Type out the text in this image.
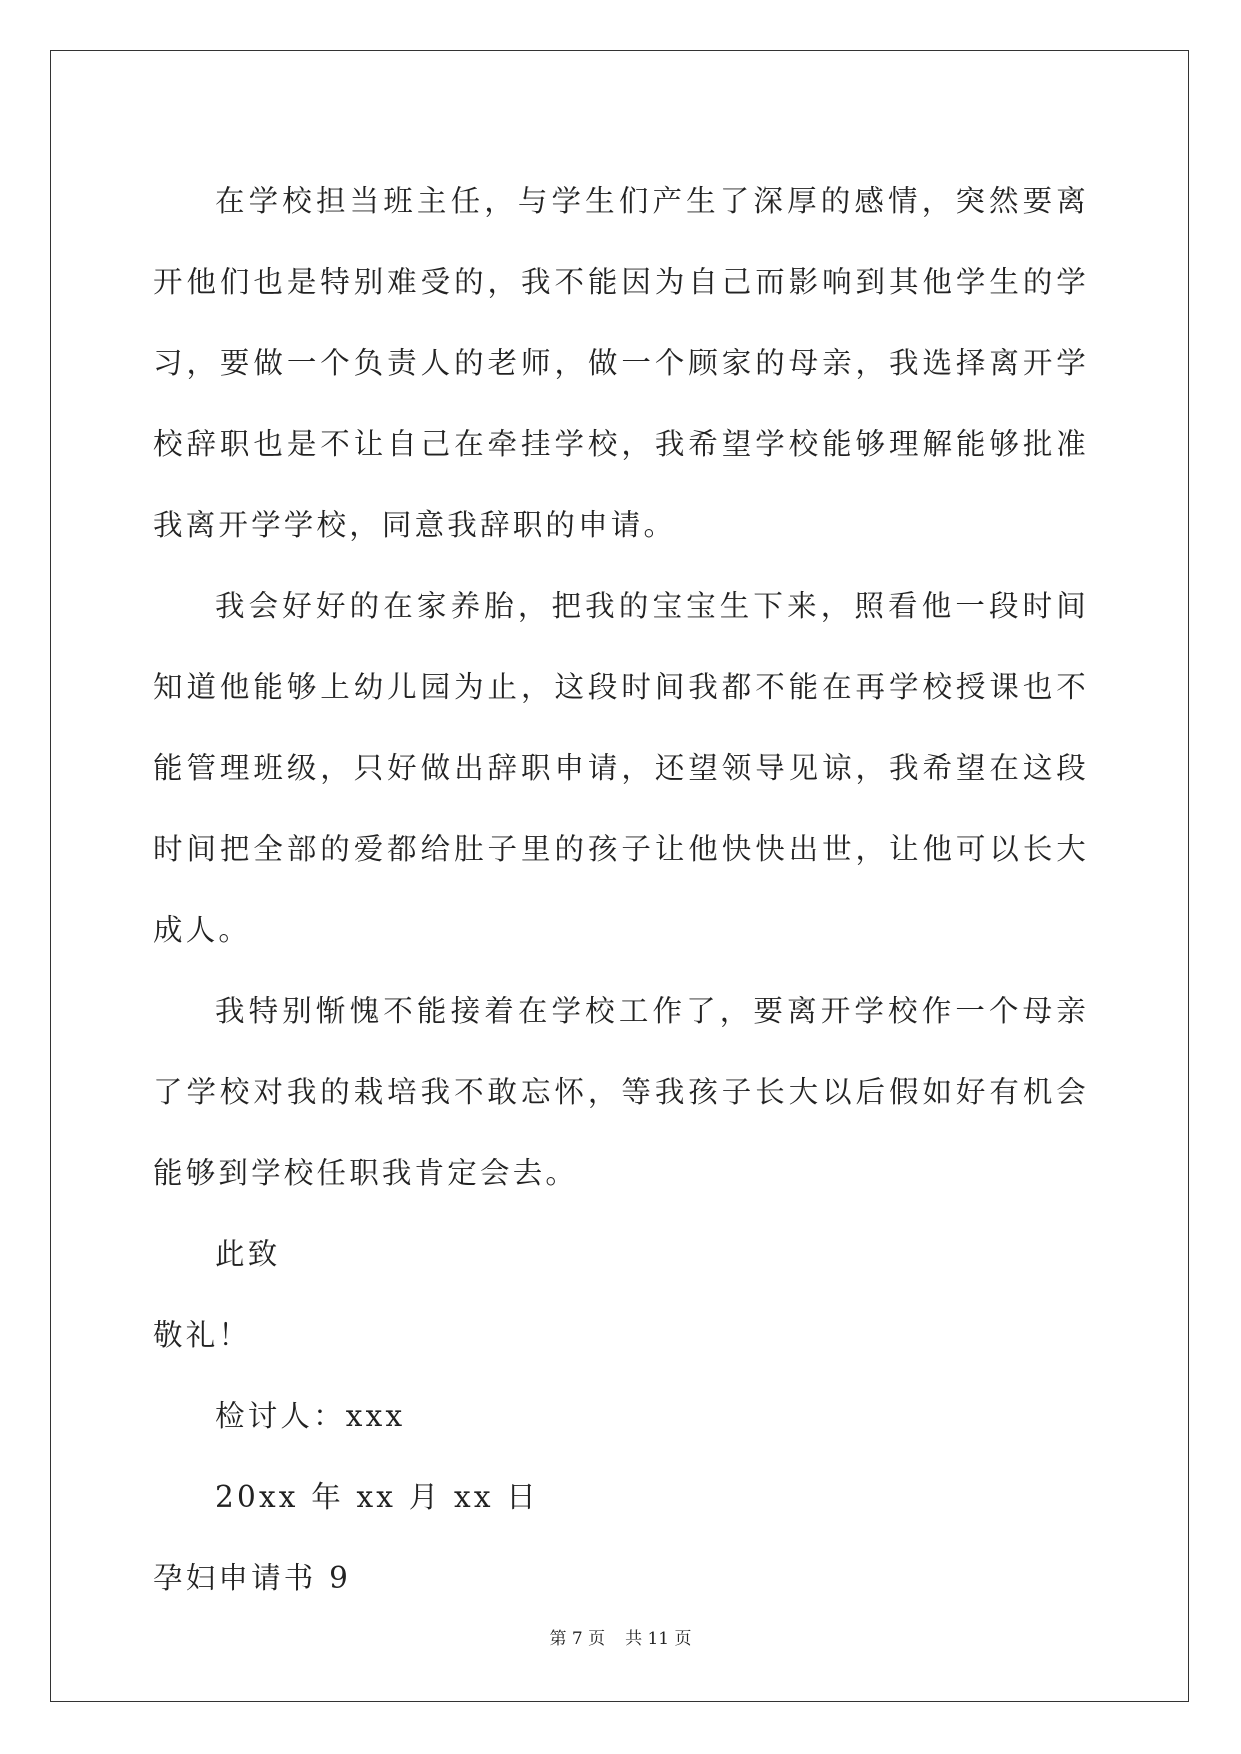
在学校担当班主任，与学生们产生了深厚的感情，突然要离开他们也是特别难受的，我不能因为自己而影响到其他学生的学习，要做一个负责人的老师，做一个顾家的母亲，我选择离开学校辞职也是不让自己在牵挂学校，我希望学校能够理解能够批准我离开学学校，同意我辞职的申请。

我会好好的在家养胎，把我的宝宝生下来，照看他一段时间知道他能够上幼儿园为止，这段时间我都不能在再学校授课也不能管理班级，只好做出辞职申请，还望领导见谅，我希望在这段时间把全部的爱都给肚子里的孩子让他快快出世，让他可以长大成人。

我特别惭愧不能接着在学校工作了，要离开学校作一个母亲了学校对我的栽培我不敢忘怀，等我孩子长大以后假如好有机会能够到学校任职我肯定会去。

此致

敬礼！

检讨人：xxx

20xx 年 xx 月 xx 日

孕妇申请书 9

第 7 页 共 11 页
